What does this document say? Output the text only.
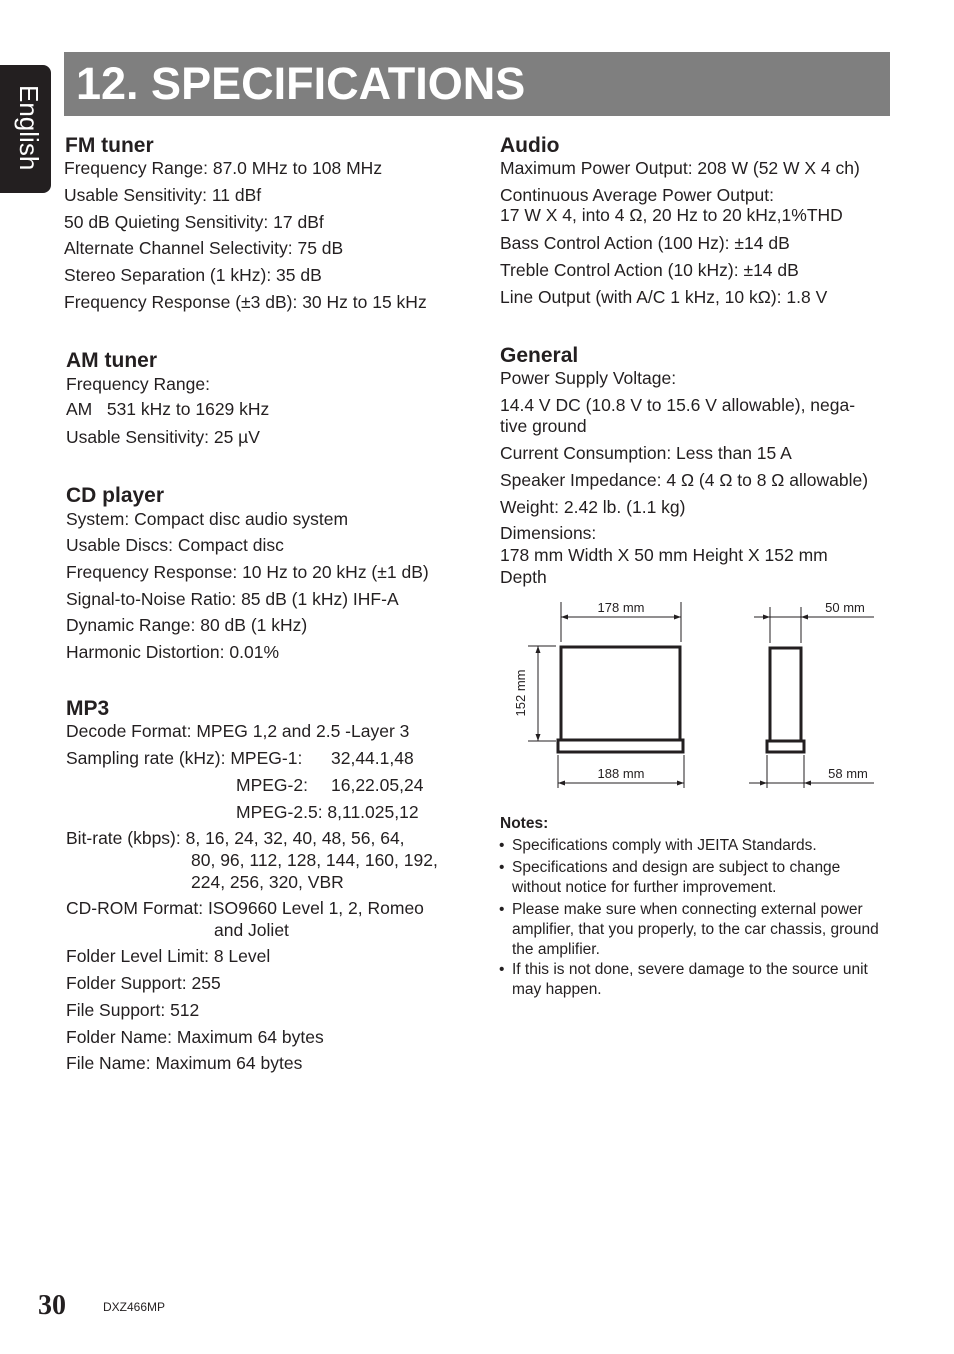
English
12. SPECIFICATIONS
FM tuner
Frequency Range: 87.0 MHz to 108 MHz
Usable Sensitivity: 11 dBf
50 dB Quieting Sensitivity: 17 dBf
Alternate Channel Selectivity: 75 dB
Stereo Separation (1 kHz): 35 dB
Frequency Response (±3 dB): 30 Hz to 15 kHz
AM tuner
Frequency Range:
AM   531 kHz to 1629 kHz
Usable Sensitivity: 25 µV
CD player
System: Compact disc audio system
Usable Discs: Compact disc
Frequency Response: 10 Hz to 20 kHz (±1 dB)
Signal-to-Noise Ratio: 85 dB (1 kHz) IHF-A
Dynamic Range: 80 dB (1 kHz)
Harmonic Distortion: 0.01%
MP3
Decode Format: MPEG 1,2 and 2.5 -Layer 3
Sampling rate (kHz): MPEG-1: 32,44.1,48
MPEG-2: 16,22.05,24
MPEG-2.5: 8,11.025,12
Bit-rate (kbps): 8, 16, 24, 32, 40, 48, 56, 64,
80, 96, 112, 128, 144, 160, 192,
224, 256, 320, VBR
CD-ROM Format: ISO9660 Level 1, 2, Romeo
and Joliet
Folder Level Limit: 8 Level
Folder Support: 255
File Support: 512
Folder Name: Maximum 64 bytes
File Name: Maximum 64 bytes
Audio
Maximum Power Output: 208 W (52 W X 4 ch)
Continuous Average Power Output:
17 W X 4, into 4 Ω, 20 Hz to 20 kHz,1%THD
Bass Control Action (100 Hz): ±14 dB
Treble Control Action (10 kHz): ±14 dB
Line Output (with A/C 1 kHz, 10 kΩ): 1.8 V
General
Power Supply Voltage:
14.4 V DC (10.8 V to 15.6 V allowable), nega-
tive ground
Current Consumption: Less than 15 A
Speaker Impedance: 4 Ω (4 Ω to 8 Ω allowable)
Weight: 2.42 lb. (1.1 kg)
Dimensions:
178 mm Width X 50 mm Height X 152 mm
Depth
178 mm
188 mm
152 mm
50 mm
58 mm
Notes:
• Specifications comply with JEITA Standards.
• Specifications and design are subject to change without notice for further improvement.
• Please make sure when connecting external power amplifier, that you properly, to the car chassis, ground the amplifier.
• If this is not done, severe damage to the source unit may happen.
30	DXZ466MP
